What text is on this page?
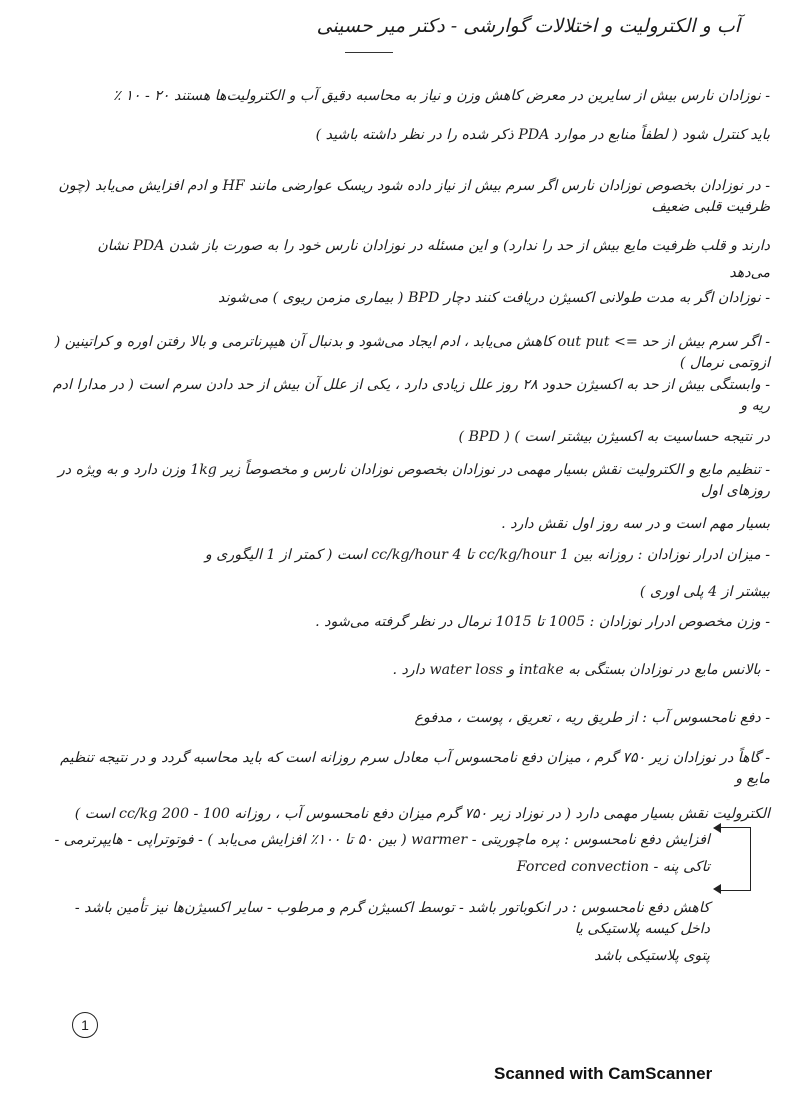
آب و الکترولیت و اختلالات گوارشی - دکتر میر حسینی
- نوزادان نارس بیش از سایرین در معرض کاهش وزن و نیاز به محاسبه دقیق آب و الکترولیت‌ها هستند ۲۰ - ۱۰ ٪
باید کنترل شود ( لطفاً منابع در موارد PDA ذکر شده را در نظر داشته باشید )
- در نوزادان بخصوص نوزادان نارس اگر سرم بیش از نیاز داده شود ریسک عوارضی مانند HF و ادم افزایش می‌یابد (چون ظرفیت قلبی ضعیف
دارند و قلب ظرفیت مایع بیش از حد را ندارد) و این مسئله در نوزادان نارس خود را به صورت باز شدن PDA نشان
می‌دهد
- نوزادان اگر به مدت طولانی اکسیژن دریافت کنند دچار BPD ( بیماری مزمن ریوی ) می‌شوند
- اگر سرم بیش از حد => out put کاهش می‌یابد ، ادم ایجاد می‌شود و بدنبال آن هیپرناترمی و بالا رفتن اوره و کراتینین ( ازوتمی نرمال )
- وابستگی بیش از حد به اکسیژن حدود ۲۸ روز علل زیادی دارد ، یکی از علل آن بیش از حد دادن سرم است ( در مدارا ادم ریه و
در نتیجه حساسیت به اکسیژن بیشتر است ) ( BPD )
- تنظیم مایع و الکترولیت نقش بسیار مهمی در نوزادان بخصوص نوزادان نارس و مخصوصاً زیر 1kg وزن دارد و به ویژه در روزهای اول
بسیار مهم است و در سه روز اول نقش دارد .
- میزان ادرار نوزادان : روزانه بین 1 cc/kg/hour تا 4 cc/kg/hour است ( کمتر از 1 الیگوری و
بیشتر از 4 پلی اوری )
- وزن مخصوص ادرار نوزادان : 1005 تا 1015 نرمال در نظر گرفته می‌شود .
- بالانس مایع در نوزادان بستگی به intake و water loss دارد .
- دفع نامحسوس آب : از طریق ریه ، تعریق ، پوست ، مدفوع
- گاهاً در نوزادان زیر ۷۵۰ گرم ، میزان دفع نامحسوس آب معادل سرم روزانه است که باید محاسبه گردد و در نتیجه تنظیم مایع و
الکترولیت نقش بسیار مهمی دارد ( در نوزاد زیر ۷۵۰ گرم میزان دفع نامحسوس آب ، روزانه 100 - 200 cc/kg است )
افزایش دفع نامحسوس : پره ماچوریتی - warmer ( بین ۵۰ تا ۱۰۰٪ افزایش می‌یابد ) - فوتوتراپی - هایپرترمی -
تاکی پنه - Forced convection
کاهش دفع نامحسوس : در انکوباتور باشد - توسط اکسیژن گرم و مرطوب - سایر اکسیژن‌ها نیز تأمین باشد - داخل کیسه پلاستیکی یا
پتوی پلاستیکی باشد
1
Scanned with CamScanner
